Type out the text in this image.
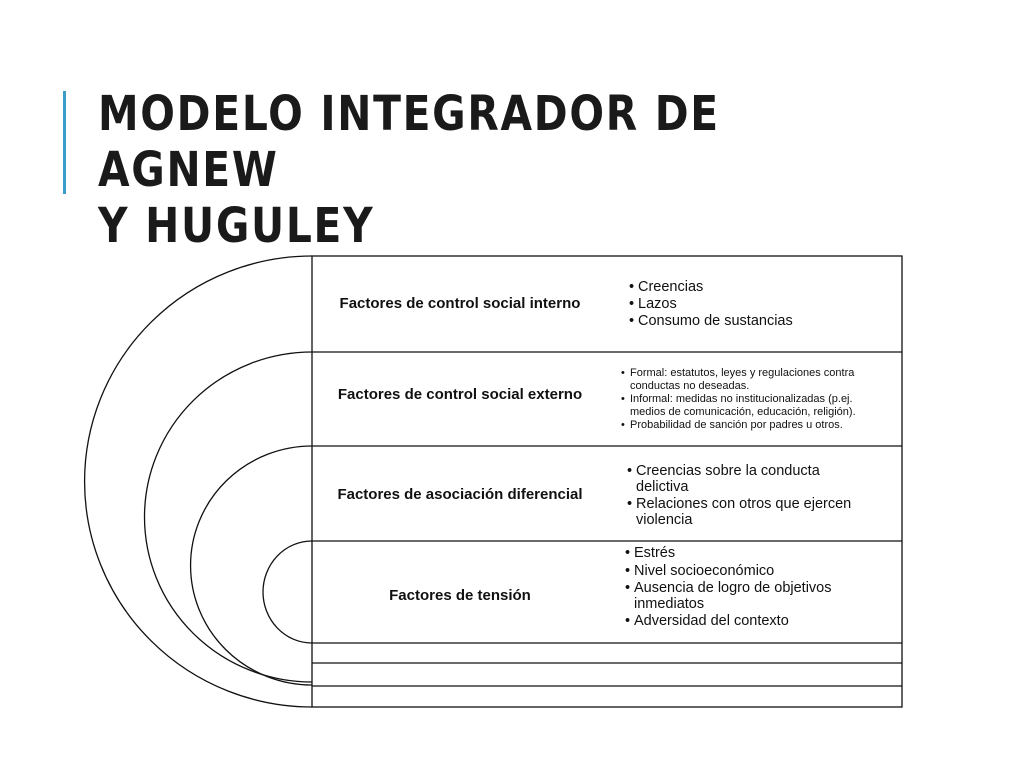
MODELO INTEGRADOR DE AGNEW
Y HUGULEY
Factores de control social interno
• Creencias
• Lazos
• Consumo de sustancias
Factores de control social externo
• Formal: estatutos, leyes y regulaciones contra conductas no deseadas.
• Informal: medidas no institucionalizadas (p.ej. medios de comunicación, educación, religión).
• Probabilidad de sanción por padres u otros.
Factores de asociación diferencial
• Creencias sobre la conducta delictiva
• Relaciones con otros que ejercen violencia
Factores de tensión
• Estrés
• Nivel socioeconómico
• Ausencia de logro de objetivos inmediatos
• Adversidad del contexto
